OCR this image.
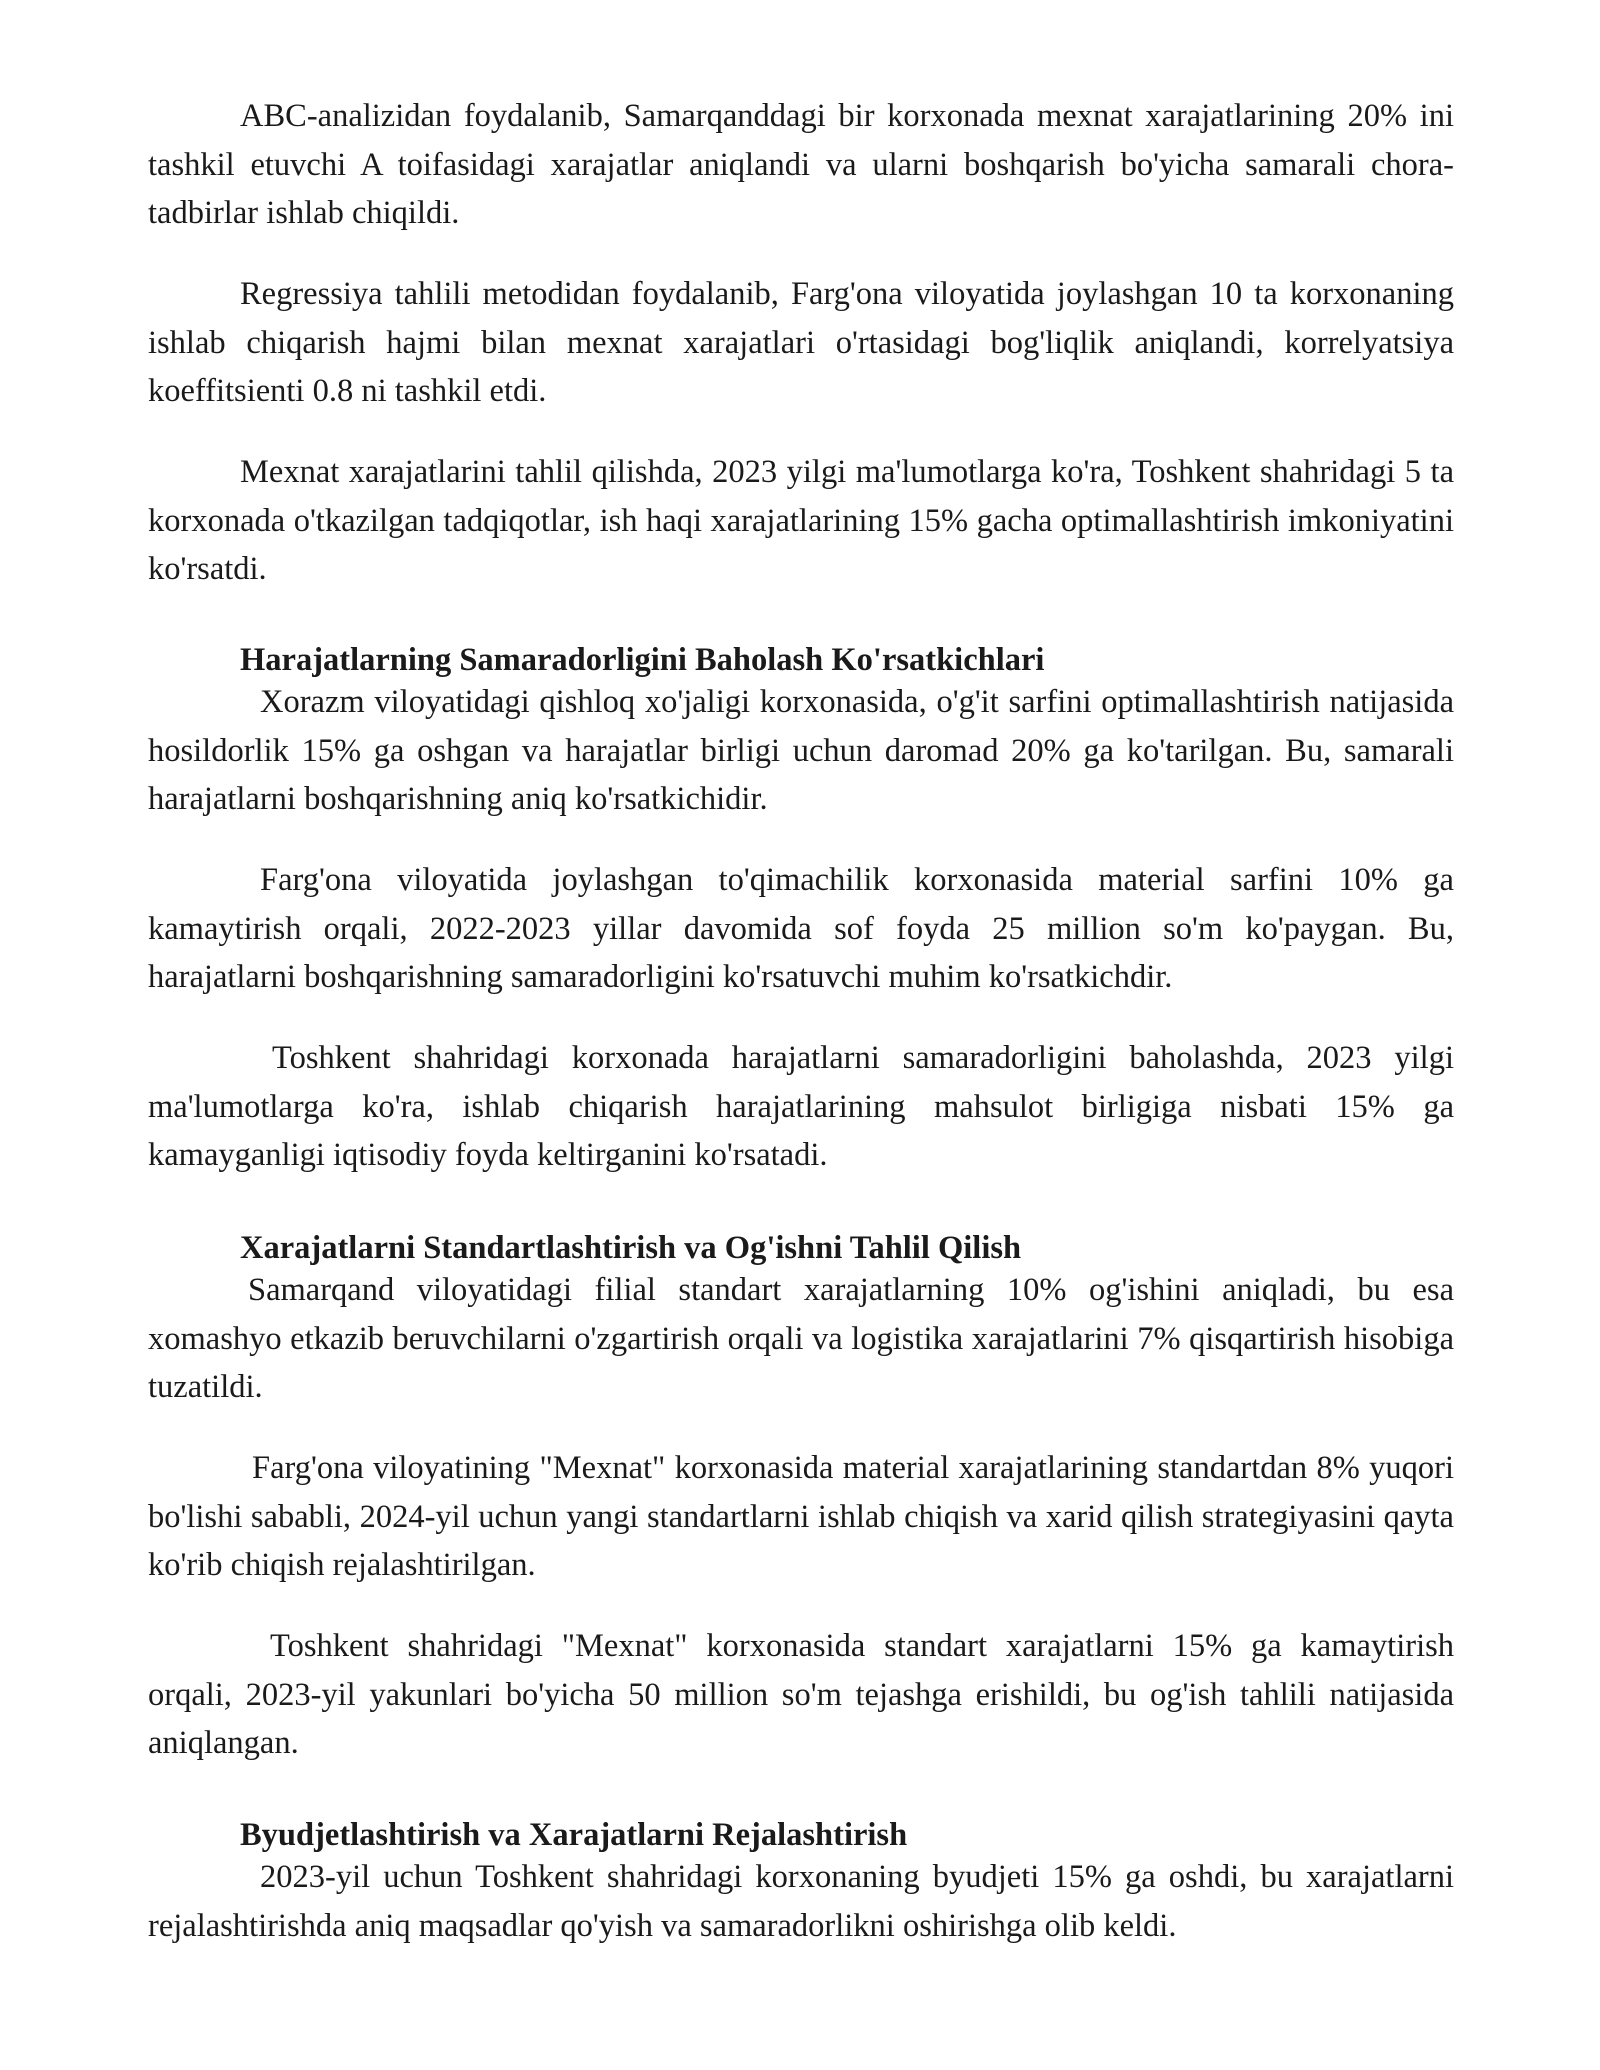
ABC-analizidan foydalanib, Samarqanddagi bir korxonada mexnat xarajatlarining 20% ini tashkil etuvchi A toifasidagi xarajatlar aniqlandi va ularni boshqarish bo'yicha samarali chora-tadbirlar ishlab chiqildi.

Regressiya tahlili metodidan foydalanib, Farg'ona viloyatida joylashgan 10 ta korxonaning ishlab chiqarish hajmi bilan mexnat xarajatlari o'rtasidagi bog'liqlik aniqlandi, korrelyatsiya koeffitsienti 0.8 ni tashkil etdi.

Mexnat xarajatlarini tahlil qilishda, 2023 yilgi ma'lumotlarga ko'ra, Toshkent shahridagi 5 ta korxonada o'tkazilgan tadqiqotlar, ish haqi xarajatlarining 15% gacha optimallashtirish imkoniyatini ko'rsatdi.

Harajatlarning Samaradorligini Baholash Ko'rsatkichlari

Xorazm viloyatidagi qishloq xo'jaligi korxonasida, o'g'it sarfini optimallashtirish natijasida hosildorlik 15% ga oshgan va harajatlar birligi uchun daromad 20% ga ko'tarilgan. Bu, samarali harajatlarni boshqarishning aniq ko'rsatkichidir.

Farg'ona viloyatida joylashgan to'qimachilik korxonasida material sarfini 10% ga kamaytirish orqali, 2022-2023 yillar davomida sof foyda 25 million so'm ko'paygan. Bu, harajatlarni boshqarishning samaradorligini ko'rsatuvchi muhim ko'rsatkichdir.

Toshkent shahridagi korxonada harajatlarni samaradorligini baholashda, 2023 yilgi ma'lumotlarga ko'ra, ishlab chiqarish harajatlarining mahsulot birligiga nisbati 15% ga kamayganligi iqtisodiy foyda keltirganini ko'rsatadi.

Xarajatlarni Standartlashtirish va Og'ishni Tahlil Qilish

Samarqand viloyatidagi filial standart xarajatlarning 10% og'ishini aniqladi, bu esa xomashyo etkazib beruvchilarni o'zgartirish orqali va logistika xarajatlarini 7% qisqartirish hisobiga tuzatildi.

Farg'ona viloyatining "Mexnat" korxonasida material xarajatlarining standartdan 8% yuqori bo'lishi sababli, 2024-yil uchun yangi standartlarni ishlab chiqish va xarid qilish strategiyasini qayta ko'rib chiqish rejalashtirilgan.

Toshkent shahridagi "Mexnat" korxonasida standart xarajatlarni 15% ga kamaytirish orqali, 2023-yil yakunlari bo'yicha 50 million so'm tejashga erishildi, bu og'ish tahlili natijasida aniqlangan.

Byudjetlashtirish va Xarajatlarni Rejalashtirish

2023-yil uchun Toshkent shahridagi korxonaning byudjeti 15% ga oshdi, bu xarajatlarni rejalashtirishda aniq maqsadlar qo'yish va samaradorlikni oshirishga olib keldi.
